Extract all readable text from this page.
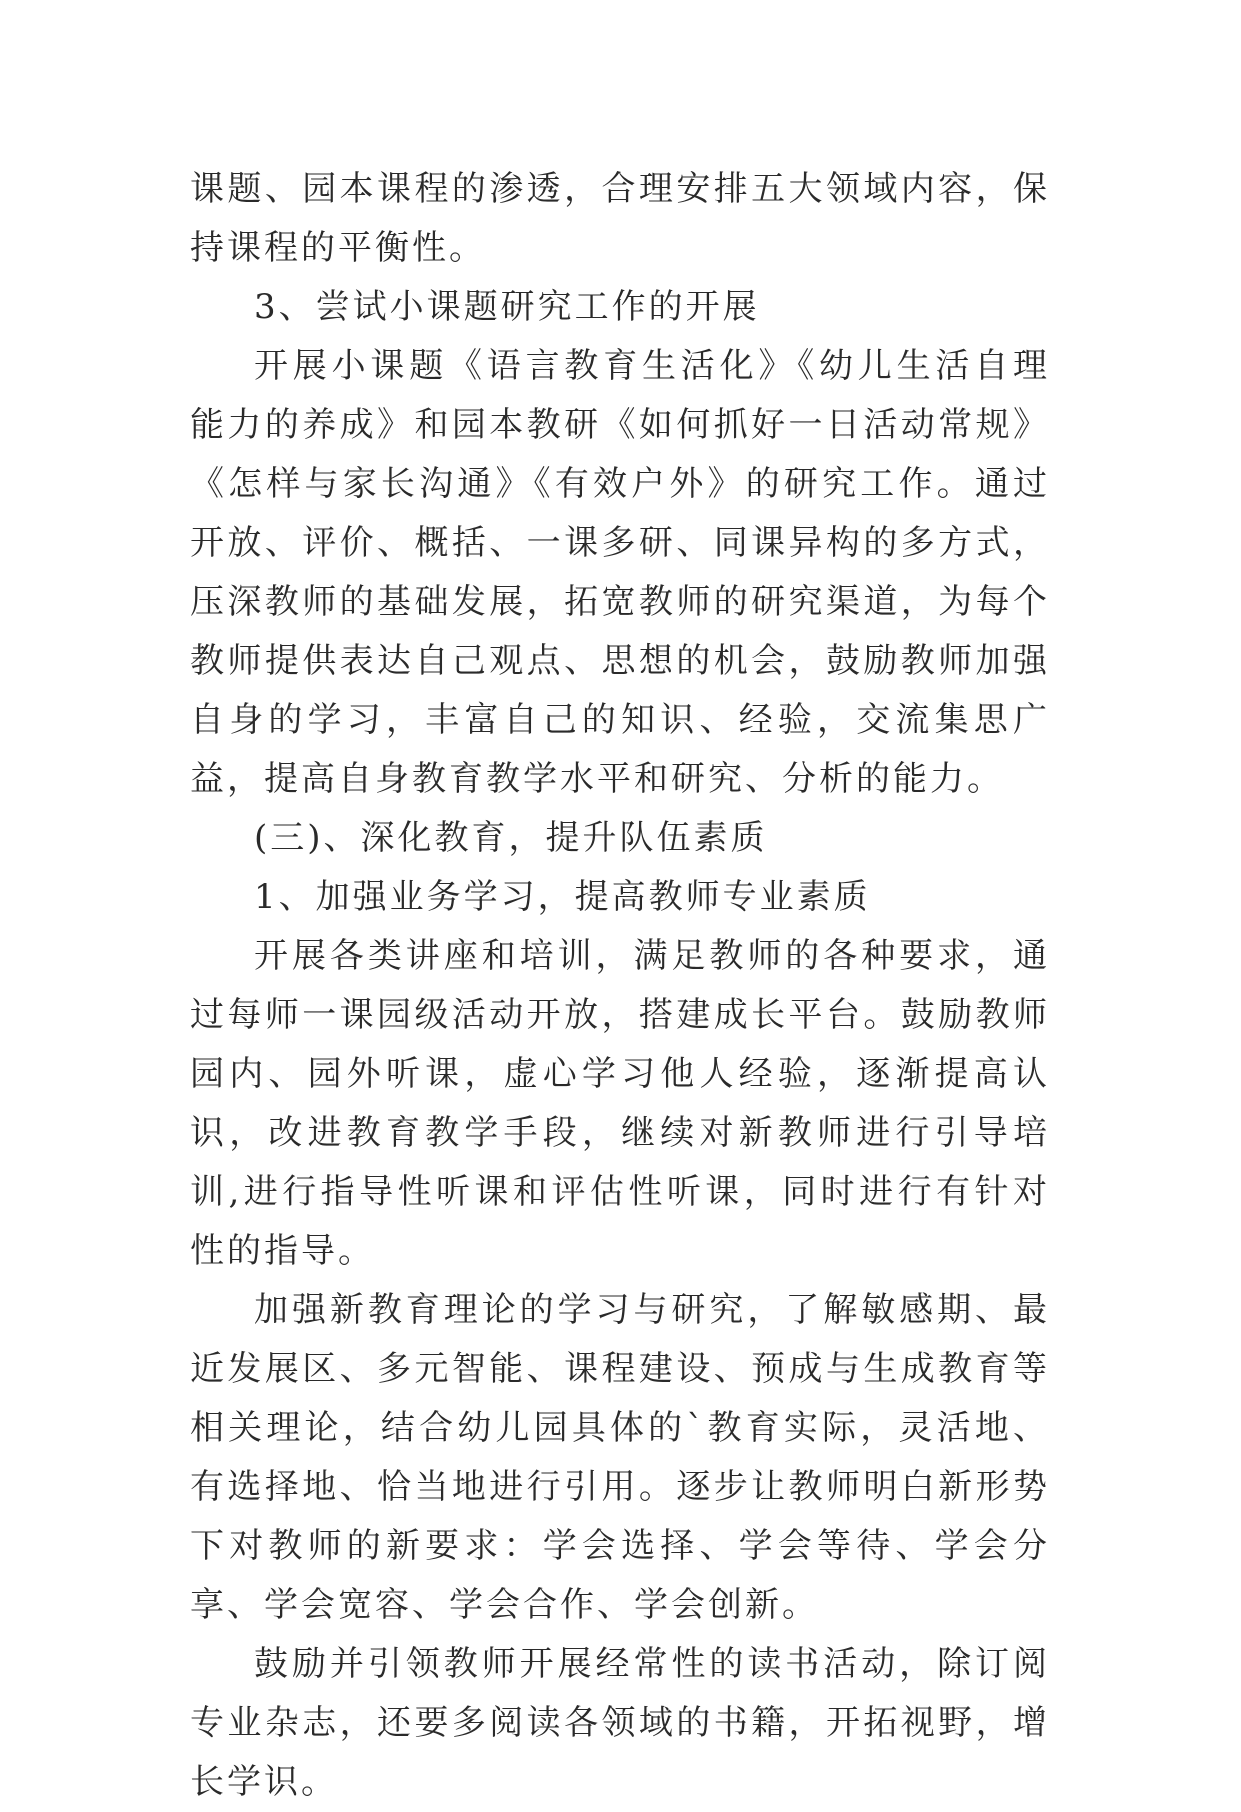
课题、园本课程的渗透，合理安排五大领域内容，保持课程的平衡性。

3、尝试小课题研究工作的开展

开展小课题《语言教育生活化》《幼儿生活自理能力的养成》和园本教研《如何抓好一日活动常规》《怎样与家长沟通》《有效户外》的研究工作。通过开放、评价、概括、一课多研、同课异构的多方式，压深教师的基础发展，拓宽教师的研究渠道，为每个教师提供表达自己观点、思想的机会，鼓励教师加强自身的学习，丰富自己的知识、经验，交流集思广益，提高自身教育教学水平和研究、分析的能力。

(三)、深化教育，提升队伍素质

1、加强业务学习，提高教师专业素质

开展各类讲座和培训，满足教师的各种要求，通过每师一课园级活动开放，搭建成长平台。鼓励教师园内、园外听课，虚心学习他人经验，逐渐提高认识，改进教育教学手段，继续对新教师进行引导培训,进行指导性听课和评估性听课，同时进行有针对性的指导。

加强新教育理论的学习与研究，了解敏感期、最近发展区、多元智能、课程建设、预成与生成教育等相关理论，结合幼儿园具体的`教育实际，灵活地、有选择地、恰当地进行引用。逐步让教师明白新形势下对教师的新要求：学会选择、学会等待、学会分享、学会宽容、学会合作、学会创新。

鼓励并引领教师开展经常性的读书活动，除订阅专业杂志，还要多阅读各领域的书籍，开拓视野，增长学识。
